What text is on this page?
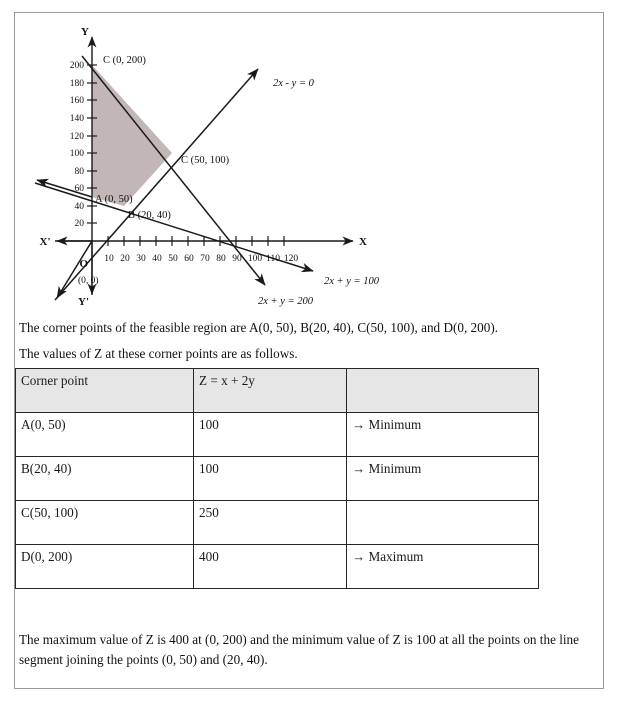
10 20 30 40 50 60 70 80 90 100 110 120
20
40
60
80
100
120
140
160
180
200
X
X'
Y
Y'
O
(0, 0)
C (0, 200)
C (50, 100)
A (0, 50)
B (20, 40)
2x - y = 0
2x + y = 200
2x + y = 100
The corner points of the feasible region are A(0, 50), B(20, 40), C(50, 100), and D(0, 200).
The values of Z at these corner points are as follows.
Corner point	Z = x + 2y	
A(0, 50)	100	→ Minimum
B(20, 40)	100	→ Minimum
C(50, 100)	250	
D(0, 200)	400	→ Maximum
The maximum value of Z is 400 at (0, 200) and the minimum value of Z is 100 at all the points on the line segment joining the points (0, 50) and (20, 40).
